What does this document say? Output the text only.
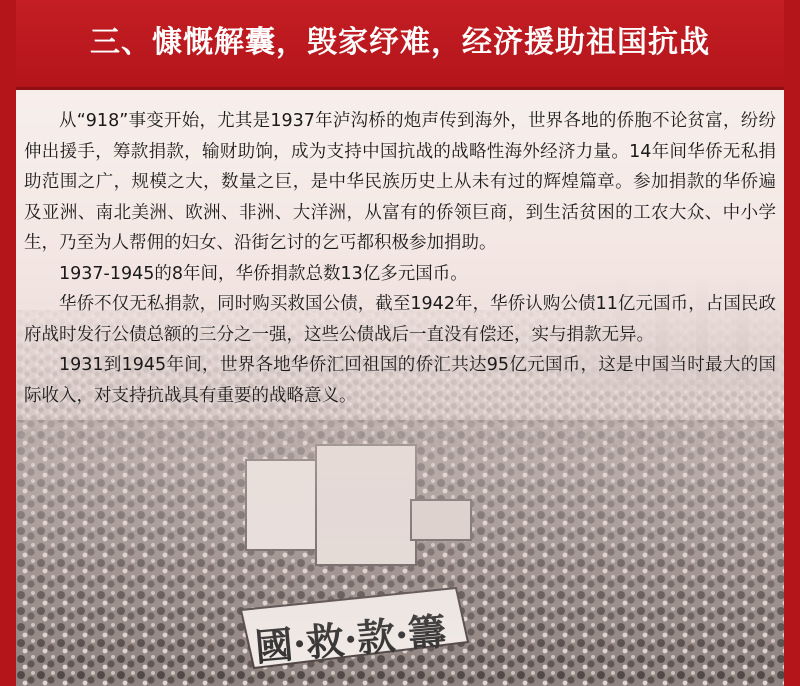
三、慷慨解囊，毁家纾难，经济援助祖国抗战

从“918”事变开始，尤其是1937年泸沟桥的炮声传到海外，世界各地的侨胞不论贫富，纷纷伸出援手，筹款捐款，输财助饷，成为支持中国抗战的战略性海外经济力量。14年间华侨无私捐助范围之广，规模之大，数量之巨，是中华民族历史上从未有过的辉煌篇章。参加捐款的华侨遍及亚洲、南北美洲、欧洲、非洲、大洋洲，从富有的侨领巨商，到生活贫困的工农大众、中小学生，乃至为人帮佣的妇女、沿街乞讨的乞丐都积极参加捐助。

1937-1945的8年间，华侨捐款总数13亿多元国币。

华侨不仅无私捐款，同时购买救国公债，截至1942年，华侨认购公债11亿元国币，占国民政府战时发行公债总额的三分之一强，这些公债战后一直没有偿还，实与捐款无异。

1931到1945年间，世界各地华侨汇回祖国的侨汇共达95亿元国币，这是中国当时最大的国际收入，对支持抗战具有重要的战略意义。
